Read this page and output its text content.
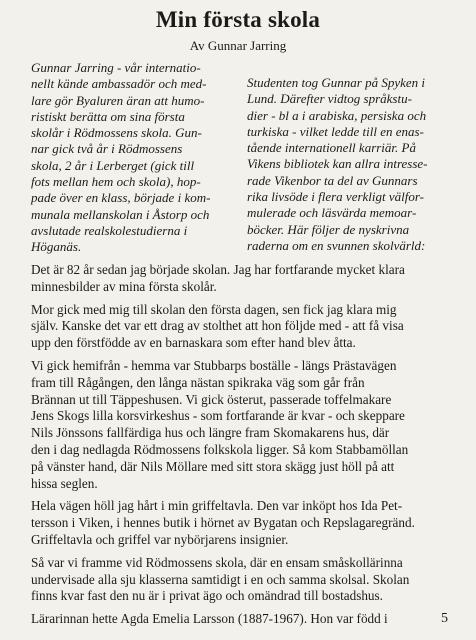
Min första skola
Av Gunnar Jarring
Gunnar Jarring - vår internatio-
nellt kände ambassadör och med-
lare gör Byaluren äran att humo-
ristiskt berätta om sina första
skolår i Rödmossens skola. Gun-
nar gick två år i Rödmossens
skola, 2 år i Lerberget (gick till
fots mellan hem och skola), hop-
pade över en klass, började i kom-
munala mellanskolan i Åstorp och
avslutade realskolestudierna i
Höganäs.
Studenten tog Gunnar på Spyken i
Lund. Därefter vidtog språkstu-
dier - bl a i arabiska, persiska och
turkiska - vilket ledde till en enas-
tående internationell karriär. På
Vikens bibliotek kan allra intresse-
rade Vikenbor ta del av Gunnars
rika livsöde i flera verkligt välfor-
mulerade och läsvärda memoar-
böcker. Här följer de nyskrivna
raderna om en svunnen skolvärld:

Det är 82 år sedan jag började skolan. Jag har fortfarande mycket klara
minnesbilder av mina första skolår.

Mor gick med mig till skolan den första dagen, sen fick jag klara mig
själv. Kanske det var ett drag av stolthet att hon följde med - att få visa
upp den förstfödde av en barnaskara som efter hand blev åtta.

Vi gick hemifrån - hemma var Stubbarps boställe - längs Prästavägen
fram till Rågången, den långa nästan spikraka väg som går från
Brännan ut till Täppeshusen. Vi gick österut, passerade toffelmakare
Jens Skogs lilla korsvirkeshus - som fortfarande är kvar - och skeppare
Nils Jönssons fallfärdiga hus och längre fram Skomakarens hus, där
den i dag nedlagda Rödmossens folkskola ligger. Så kom Stabbamöllan
på vänster hand, där Nils Möllare med sitt stora skägg just höll på att
hissa seglen.

Hela vägen höll jag hårt i min griffeltavla. Den var inköpt hos Ida Pet-
tersson i Viken, i hennes butik i hörnet av Bygatan och Repslagaregränd.
Griffeltavla och griffel var nybörjarens insignier.

Så var vi framme vid Rödmossens skola, där en ensam småskollärinna
undervisade alla sju klasserna samtidigt i en och samma skolsal. Skolan
finns kvar fast den nu är i privat ägo och omändrad till bostadshus.

Lärarinnan hette Agda Emelia Larsson (1887-1967). Hon var född i	5
